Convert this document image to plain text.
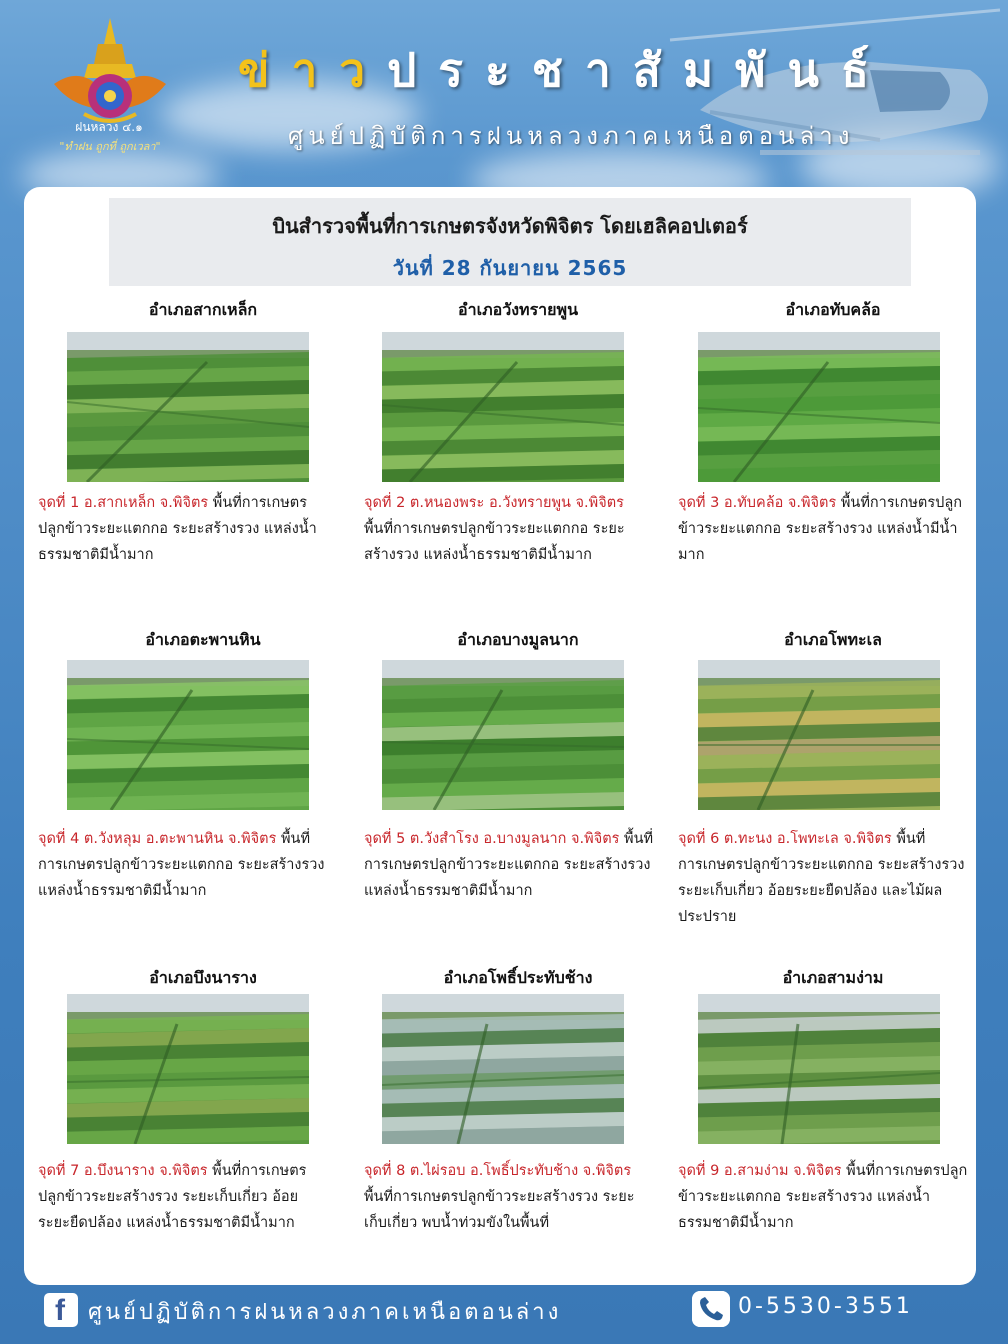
ฝนหลวง ๔.๑
"ทำฝน ถูกที่ ถูกเวลา"
ข่าวประชาสัมพันธ์
ศูนย์ปฏิบัติการฝนหลวงภาคเหนือตอนล่าง
บินสำรวจพื้นที่การเกษตรจังหวัดพิจิตร โดยเฮลิคอปเตอร์
วันที่ 28 กันยายน 2565
อำเภอสากเหล็ก
จุดที่ 1 อ.สากเหล็ก จ.พิจิตร พื้นที่การเกษตรปลูกข้าวระยะแตกกอ ระยะสร้างรวง แหล่งน้ำธรรมชาติมีน้ำมาก
อำเภอวังทรายพูน
จุดที่ 2 ต.หนองพระ อ.วังทรายพูน จ.พิจิตร พื้นที่การเกษตรปลูกข้าวระยะแตกกอ ระยะสร้างรวง แหล่งน้ำธรรมชาติมีน้ำมาก
อำเภอทับคล้อ
จุดที่ 3 อ.ทับคล้อ จ.พิจิตร พื้นที่การเกษตรปลูกข้าวระยะแตกกอ ระยะสร้างรวง แหล่งน้ำมีน้ำมาก
อำเภอตะพานหิน
จุดที่ 4 ต.วังหลุม อ.ตะพานหิน จ.พิจิตร พื้นที่การเกษตรปลูกข้าวระยะแตกกอ ระยะสร้างรวง แหล่งน้ำธรรมชาติมีน้ำมาก
อำเภอบางมูลนาก
จุดที่ 5 ต.วังสำโรง อ.บางมูลนาก จ.พิจิตร พื้นที่การเกษตรปลูกข้าวระยะแตกกอ ระยะสร้างรวง แหล่งน้ำธรรมชาติมีน้ำมาก
อำเภอโพทะเล
จุดที่ 6 ต.ทะนง อ.โพทะเล จ.พิจิตร พื้นที่การเกษตรปลูกข้าวระยะแตกกอ ระยะสร้างรวง ระยะเก็บเกี่ยว อ้อยระยะยืดปล้อง และไม้ผลประปราย
อำเภอบึงนาราง
จุดที่ 7 อ.บึงนาราง จ.พิจิตร พื้นที่การเกษตรปลูกข้าวระยะสร้างรวง ระยะเก็บเกี่ยว อ้อยระยะยืดปล้อง แหล่งน้ำธรรมชาติมีน้ำมาก
อำเภอโพธิ์ประทับช้าง
จุดที่ 8 ต.ไผ่รอบ อ.โพธิ์ประทับช้าง จ.พิจิตร พื้นที่การเกษตรปลูกข้าวระยะสร้างรวง ระยะเก็บเกี่ยว พบน้ำท่วมขังในพื้นที่
อำเภอสามง่าม
จุดที่ 9 อ.สามง่าม จ.พิจิตร พื้นที่การเกษตรปลูกข้าวระยะแตกกอ ระยะสร้างรวง แหล่งน้ำธรรมชาติมีน้ำมาก
f ศูนย์ปฏิบัติการฝนหลวงภาคเหนือตอนล่าง	0-5530-3551
